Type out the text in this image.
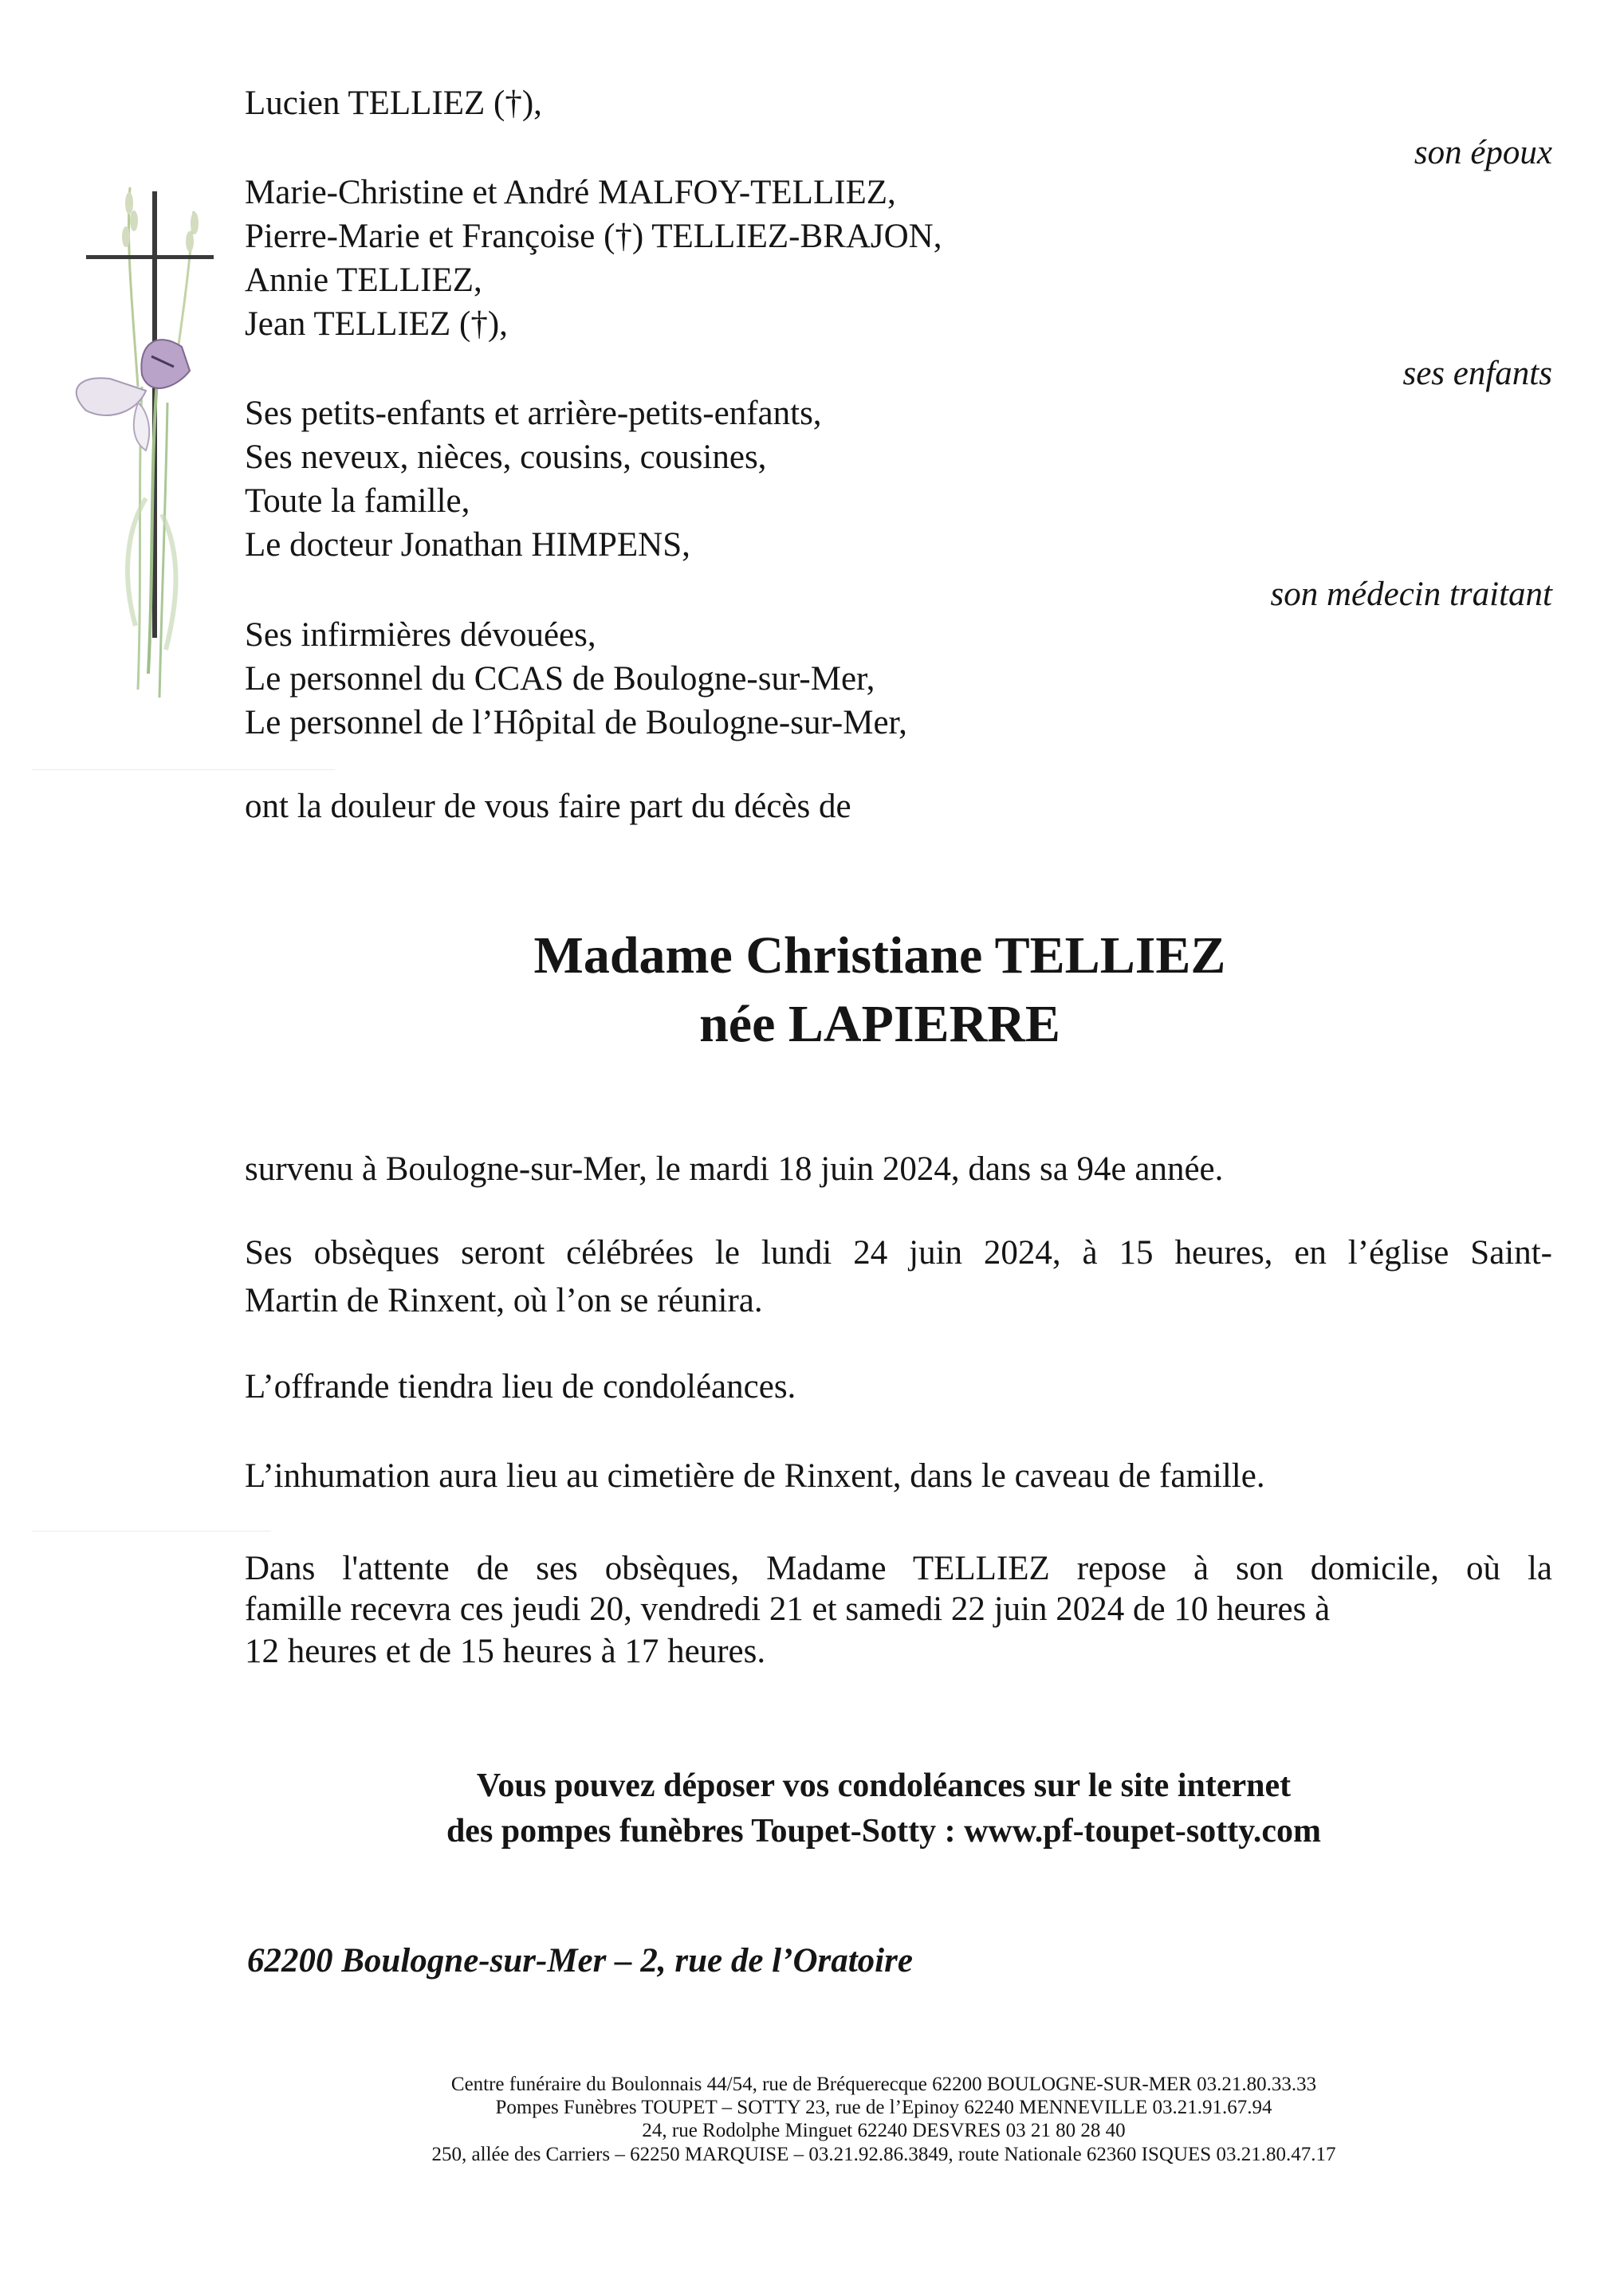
Lucien TELLIEZ (†),

son époux

Marie-Christine et André MALFOY-TELLIEZ,

Pierre-Marie et Françoise (†) TELLIEZ-BRAJON,

Annie TELLIEZ,

Jean TELLIEZ (†),

ses enfants

Ses petits-enfants et arrière-petits-enfants,

Ses neveux, nièces, cousins, cousines,

Toute la famille,

Le docteur Jonathan HIMPENS,

son médecin traitant

Ses infirmières dévouées,

Le personnel du CCAS de Boulogne-sur-Mer,

Le personnel de l’Hôpital de Boulogne-sur-Mer,

ont la douleur de vous faire part du décès de

Madame Christiane TELLIEZ

née LAPIERRE

survenu à Boulogne-sur-Mer, le mardi 18 juin 2024, dans sa 94e année.

Ses obsèques seront célébrées le lundi 24 juin 2024, à 15 heures, en l’église Saint-

Martin de Rinxent, où l’on se réunira.

L’offrande tiendra lieu de condoléances.

L’inhumation aura lieu au cimetière de Rinxent, dans le caveau de famille.

Dans l'attente de ses obsèques, Madame TELLIEZ repose à son domicile, où la

famille recevra ces jeudi 20, vendredi 21 et samedi 22 juin 2024 de 10 heures à

12 heures et de 15 heures à 17 heures.

Vous pouvez déposer vos condoléances sur le site internet

des pompes funèbres Toupet-Sotty : www.pf-toupet-sotty.com

62200 Boulogne-sur-Mer – 2, rue de l’Oratoire

Centre funéraire du Boulonnais 44/54, rue de Bréquerecque 62200 BOULOGNE-SUR-MER 03.21.80.33.33

Pompes Funèbres TOUPET – SOTTY 23, rue de l’Epinoy 62240 MENNEVILLE 03.21.91.67.94

24, rue Rodolphe Minguet 62240 DESVRES 03 21 80 28 40

250, allée des Carriers – 62250 MARQUISE – 03.21.92.86.3849, route Nationale 62360 ISQUES 03.21.80.47.17
